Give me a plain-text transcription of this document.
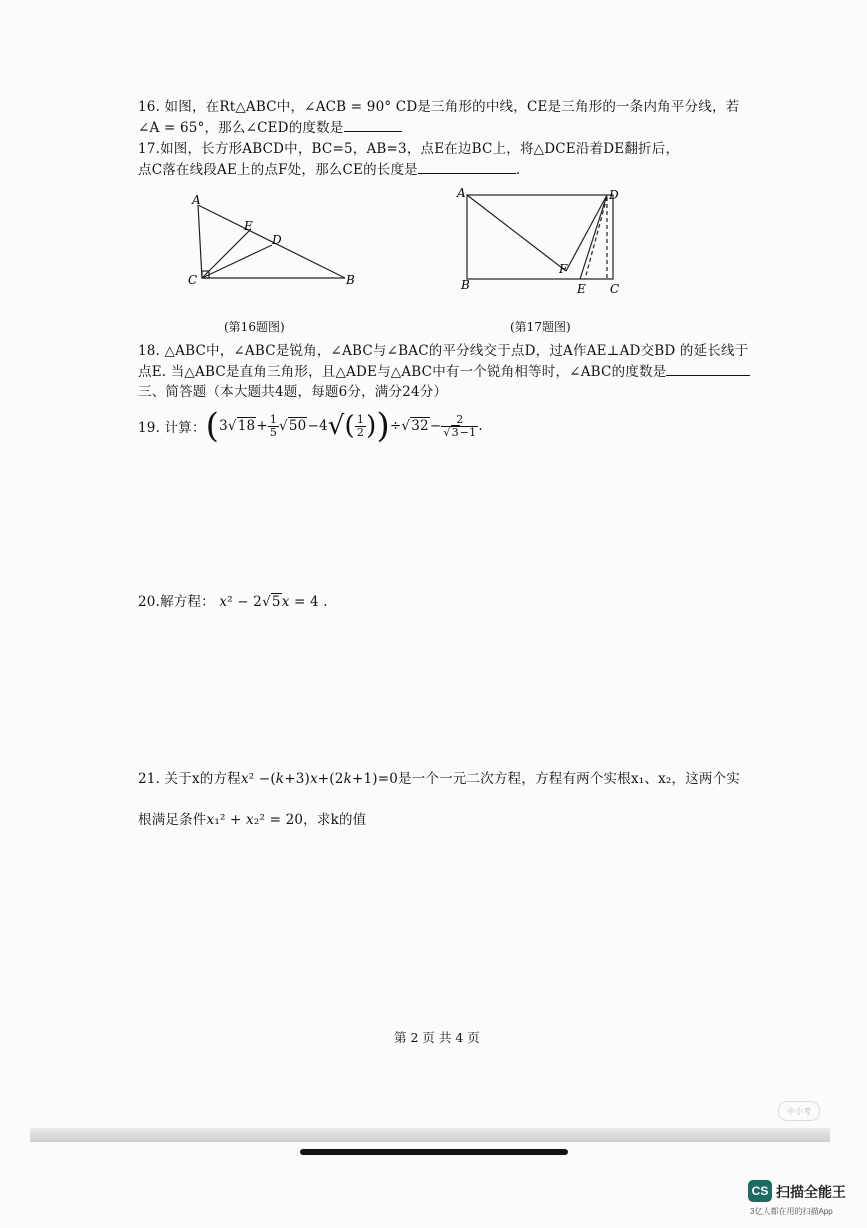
16. 如图，在Rt△ABC中，∠ACB = 90° CD是三角形的中线，CE是三角形的一条内角平分线，若
∠A = 65°，那么∠CED的度数是
17.如图，长方形ABCD中，BC=5，AB=3，点E在边BC上，将△DCE沿着DE翻折后，
点C落在线段AE上的点F处，那么CE的长度是	.
A
E
D
C	B
(第16题图)
A	D
B
F
E C
(第17题图)
18. △ABC中，∠ABC是锐角，∠ABC与∠BAC的平分线交于点D，过A作AE⊥AD交BD 的延长线于
点E. 当△ABC是直角三角形，且△ADE与△ABC中有一个锐角相等时，∠ABC的度数是
三、简答题（本大题共4题，每题6分，满分24分）
19. 计算： ( $3√18+ \frac{1}{5} √50-4$ √( $\frac{1}{2}$ ) ) $\div√32- \frac{2}{√3-1}$ .
20.解方程： x² − 2√5x = 4 .
21. 关于x的方程x² −(k+3)x+(2k+1)=0是一个一元二次方程，方程有两个实根x₁、x₂，这两个实
根满足条件x₁² + x₂² = 20，求k的值
第 2 页 共 4 页
中小考
CS 扫描全能王
3亿人都在用的扫描App
